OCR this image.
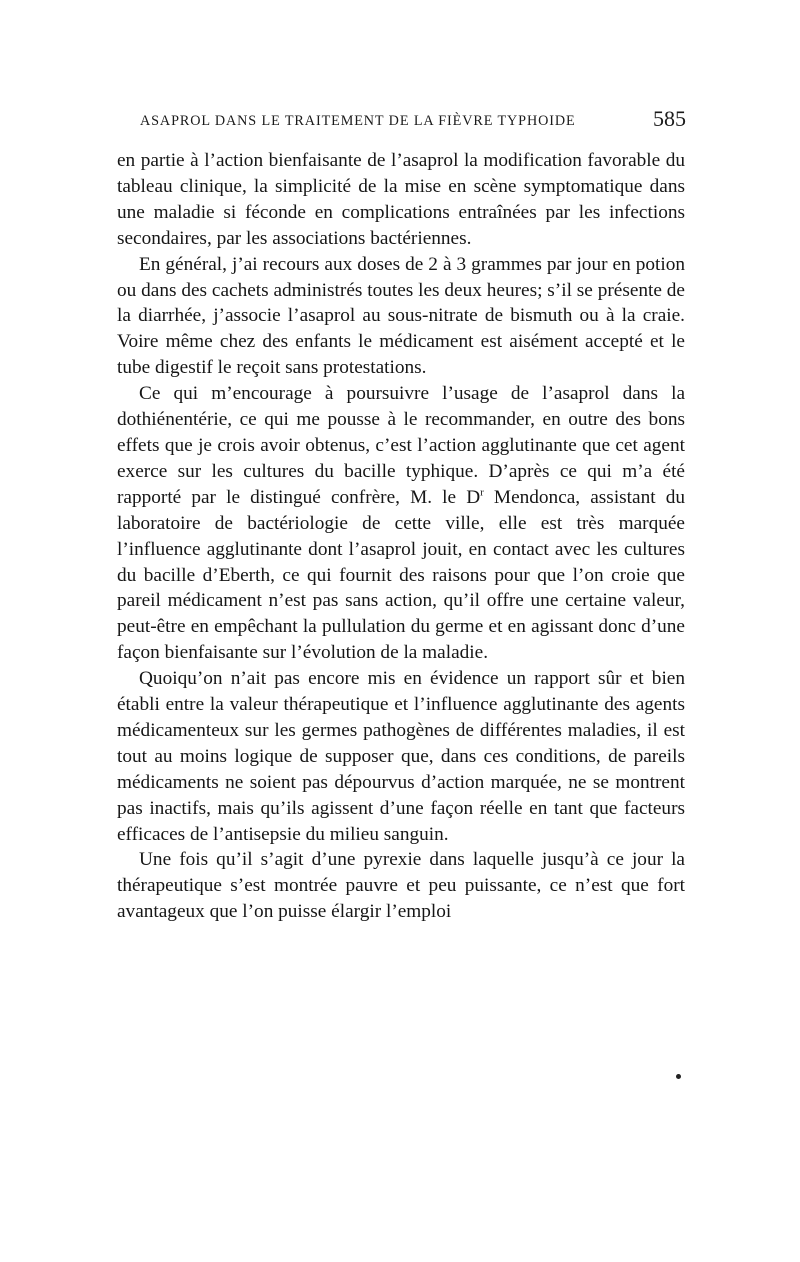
ASAPROL DANS LE TRAITEMENT DE LA FIÈVRE TYPHOIDE	585

en partie à l’action bienfaisante de l’asaprol la modification favorable du tableau clinique, la simplicité de la mise en scène symptomatique dans une maladie si féconde en complications entraînées par les infections secondaires, par les associations bactériennes.

En général, j’ai recours aux doses de 2 à 3 grammes par jour en potion ou dans des cachets administrés toutes les deux heures; s’il se présente de la diarrhée, j’associe l’asaprol au sous-nitrate de bismuth ou à la craie. Voire même chez des enfants le médicament est aisément accepté et le tube digestif le reçoit sans protestations.

Ce qui m’encourage à poursuivre l’usage de l’asaprol dans la dothiénentérie, ce qui me pousse à le recommander, en outre des bons effets que je crois avoir obtenus, c’est l’action agglutinante que cet agent exerce sur les cultures du bacille typhique. D’après ce qui m’a été rapporté par le distingué confrère, M. le $D^r$ Mendonca, assistant du laboratoire de bactériologie de cette ville, elle est très marquée l’influence agglutinante dont l’asaprol jouit, en contact avec les cultures du bacille d’Eberth, ce qui fournit des raisons pour que l’on croie que pareil médicament n’est pas sans action, qu’il offre une certaine valeur, peut-être en empêchant la pullulation du germe et en agissant donc d’une façon bienfaisante sur l’évolution de la maladie.

Quoiqu’on n’ait pas encore mis en évidence un rapport sûr et bien établi entre la valeur thérapeutique et l’influence agglutinante des agents médicamenteux sur les germes pathogènes de différentes maladies, il est tout au moins logique de supposer que, dans ces conditions, de pareils médicaments ne soient pas dépourvus d’action marquée, ne se montrent pas inactifs, mais qu’ils agissent d’une façon réelle en tant que facteurs efficaces de l’antisepsie du milieu sanguin.

Une fois qu’il s’agit d’une pyrexie dans laquelle jusqu’à ce jour la thérapeutique s’est montrée pauvre et peu puissante, ce n’est que fort avantageux que l’on puisse élargir l’emploi
